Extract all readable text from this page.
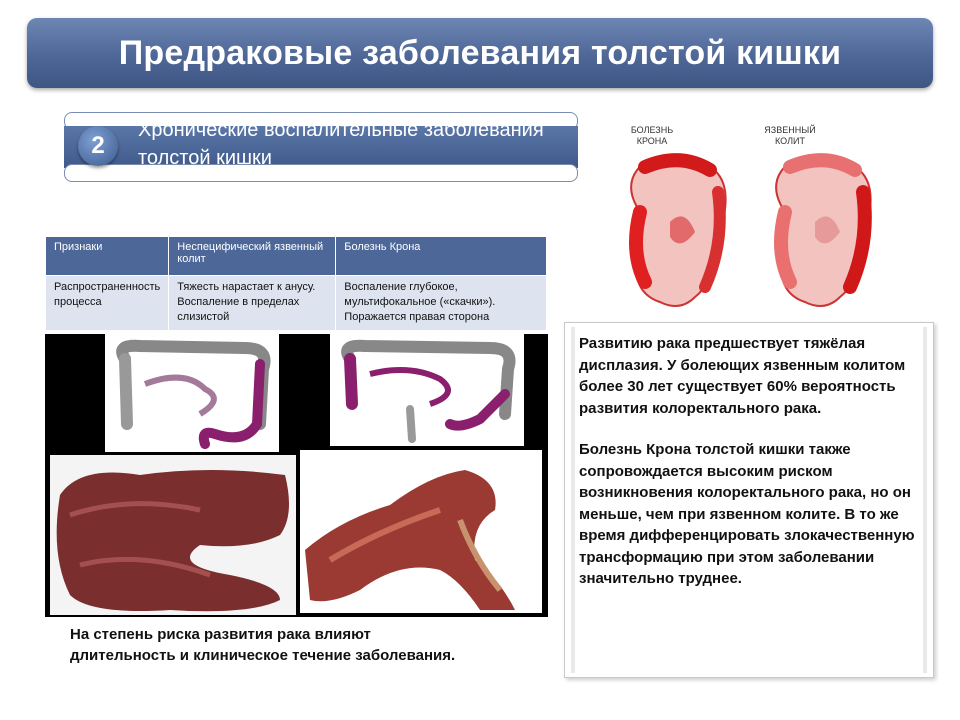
Предраковые заболевания толстой кишки
2
Хронические воспалительные заболевания толстой кишки
БОЛЕЗНЬ КРОНА
ЯЗВЕННЫЙ КОЛИТ
Признаки	Неспецифический язвенный колит	Болезнь Крона
Распространенность процесса	Тяжесть нарастает к анусу. Воспаление в пределах слизистой	Воспаление глубокое, мультифокальное («скачки»). Поражается правая сторона
На степень риска развития рака влияют длительность и клиническое течение заболевания.

Развитию рака предшествует тяжёлая дисплазия. У болеющих язвенным колитом более 30 лет существует 60% вероятность развития колоректального рака.

Болезнь Крона толстой кишки также сопровождается высоким риском возникновения колоректального рака, но он меньше, чем при язвенном колите. В то же время дифференцировать злокачественную трансформацию при этом заболевании значительно труднее.
